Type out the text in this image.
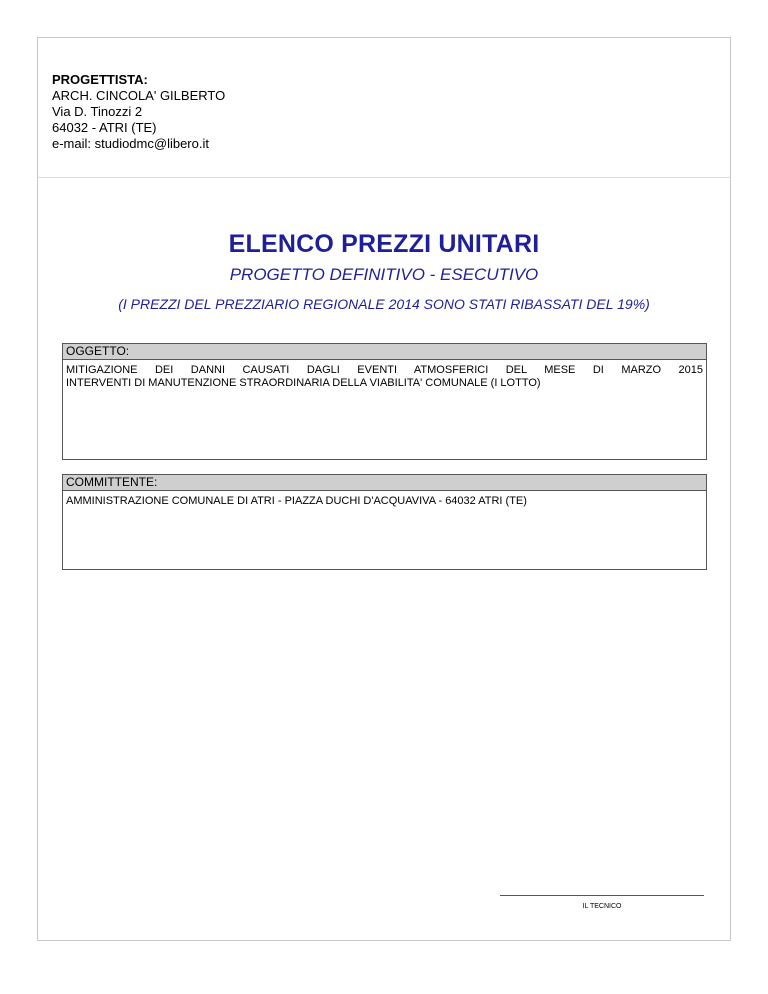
PROGETTISTA:
ARCH. CINCOLA' GILBERTO
Via D. Tinozzi 2
64032 - ATRI (TE)
e-mail: studiodmc@libero.it
ELENCO PREZZI UNITARI
PROGETTO DEFINITIVO - ESECUTIVO
(I PREZZI DEL PREZZIARIO REGIONALE 2014 SONO STATI RIBASSATI DEL 19%)
OGGETTO:
MITIGAZIONE DEI DANNI CAUSATI DAGLI EVENTI ATMOSFERICI DEL MESE DI MARZO 2015
INTERVENTI DI MANUTENZIONE STRAORDINARIA DELLA VIABILITA' COMUNALE (I LOTTO)
COMMITTENTE:
AMMINISTRAZIONE COMUNALE DI ATRI - PIAZZA DUCHI D'ACQUAVIVA - 64032 ATRI (TE)
IL TECNICO
